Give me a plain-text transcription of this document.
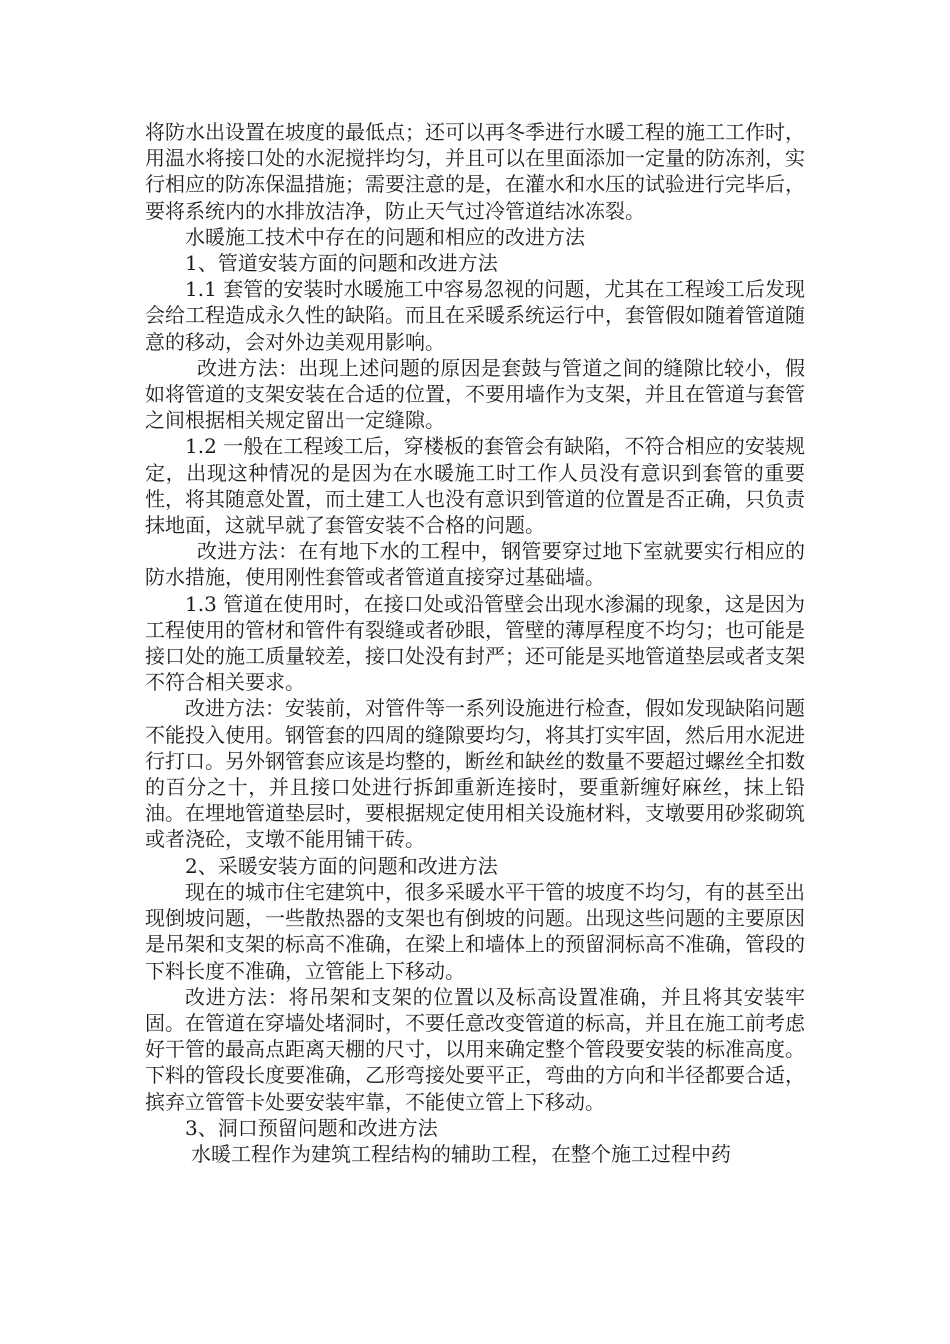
将防水出设置在坡度的最低点；还可以再冬季进行水暖工程的施工工作时，用温水将接口处的水泥搅拌均匀，并且可以在里面添加一定量的防冻剂，实行相应的防冻保温措施；需要注意的是，在灌水和水压的试验进行完毕后，要将系统内的水排放洁净，防止天气过冷管道结冰冻裂。

水暖施工技术中存在的问题和相应的改进方法

1、管道安装方面的问题和改进方法

1.1 套管的安装时水暖施工中容易忽视的问题，尤其在工程竣工后发现会给工程造成永久性的缺陷。而且在采暖系统运行中，套管假如随着管道随意的移动，会对外边美观用影响。

改进方法：出现上述问题的原因是套鼓与管道之间的缝隙比较小，假如将管道的支架安装在合适的位置，不要用墙作为支架，并且在管道与套管之间根据相关规定留出一定缝隙。

1.2 一般在工程竣工后，穿楼板的套管会有缺陷，不符合相应的安装规定，出现这种情况的是因为在水暖施工时工作人员没有意识到套管的重要性，将其随意处置，而土建工人也没有意识到管道的位置是否正确，只负责抹地面，这就早就了套管安装不合格的问题。

改进方法：在有地下水的工程中，钢管要穿过地下室就要实行相应的防水措施，使用刚性套管或者管道直接穿过基础墙。

1.3 管道在使用时，在接口处或沿管壁会出现水渗漏的现象，这是因为工程使用的管材和管件有裂缝或者砂眼，管壁的薄厚程度不均匀；也可能是接口处的施工质量较差，接口处没有封严；还可能是买地管道垫层或者支架不符合相关要求。

改进方法：安装前，对管件等一系列设施进行检查，假如发现缺陷问题不能投入使用。钢管套的四周的缝隙要均匀，将其打实牢固，然后用水泥进行打口。另外钢管套应该是均整的，断丝和缺丝的数量不要超过螺丝全扣数的百分之十，并且接口处进行拆卸重新连接时，要重新缠好麻丝，抹上铅油。在埋地管道垫层时，要根据规定使用相关设施材料，支墩要用砂浆砌筑或者浇砼，支墩不能用铺干砖。

2、采暖安装方面的问题和改进方法

现在的城市住宅建筑中，很多采暖水平干管的坡度不均匀，有的甚至出现倒坡问题，一些散热器的支架也有倒坡的问题。出现这些问题的主要原因是吊架和支架的标高不准确，在梁上和墙体上的预留洞标高不准确，管段的下料长度不准确，立管能上下移动。

改进方法：将吊架和支架的位置以及标高设置准确，并且将其安装牢固。在管道在穿墙处堵洞时，不要任意改变管道的标高，并且在施工前考虑好干管的最高点距离天棚的尺寸，以用来确定整个管段要安装的标准高度。下料的管段长度要准确，乙形弯接处要平正，弯曲的方向和半径都要合适，摈弃立管管卡处要安装牢靠，不能使立管上下移动。

3、洞口预留问题和改进方法

水暖工程作为建筑工程结构的辅助工程，在整个施工过程中药
